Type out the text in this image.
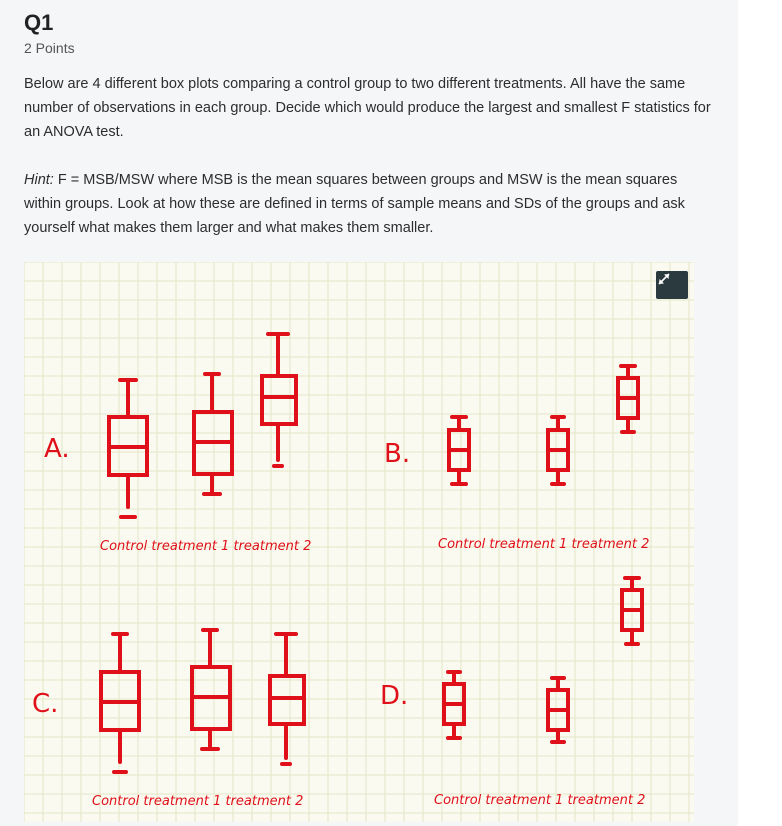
Q1
2 Points
Below are 4 different box plots comparing a control group to two different treatments. All have the same number of observations in each group. Decide which would produce the largest and smallest F statistics for an ANOVA test.
Hint: F = MSB/MSW where MSB is the mean squares between groups and MSW is the mean squares within groups. Look at how these are defined in terms of sample means and SDs of the groups and ask yourself what makes them larger and what makes them smaller.
A.
Control treatment 1 treatment 2
B.
Control treatment 1 treatment 2
C.
Control treatment 1 treatment 2
D.
Control treatment 1 treatment 2
